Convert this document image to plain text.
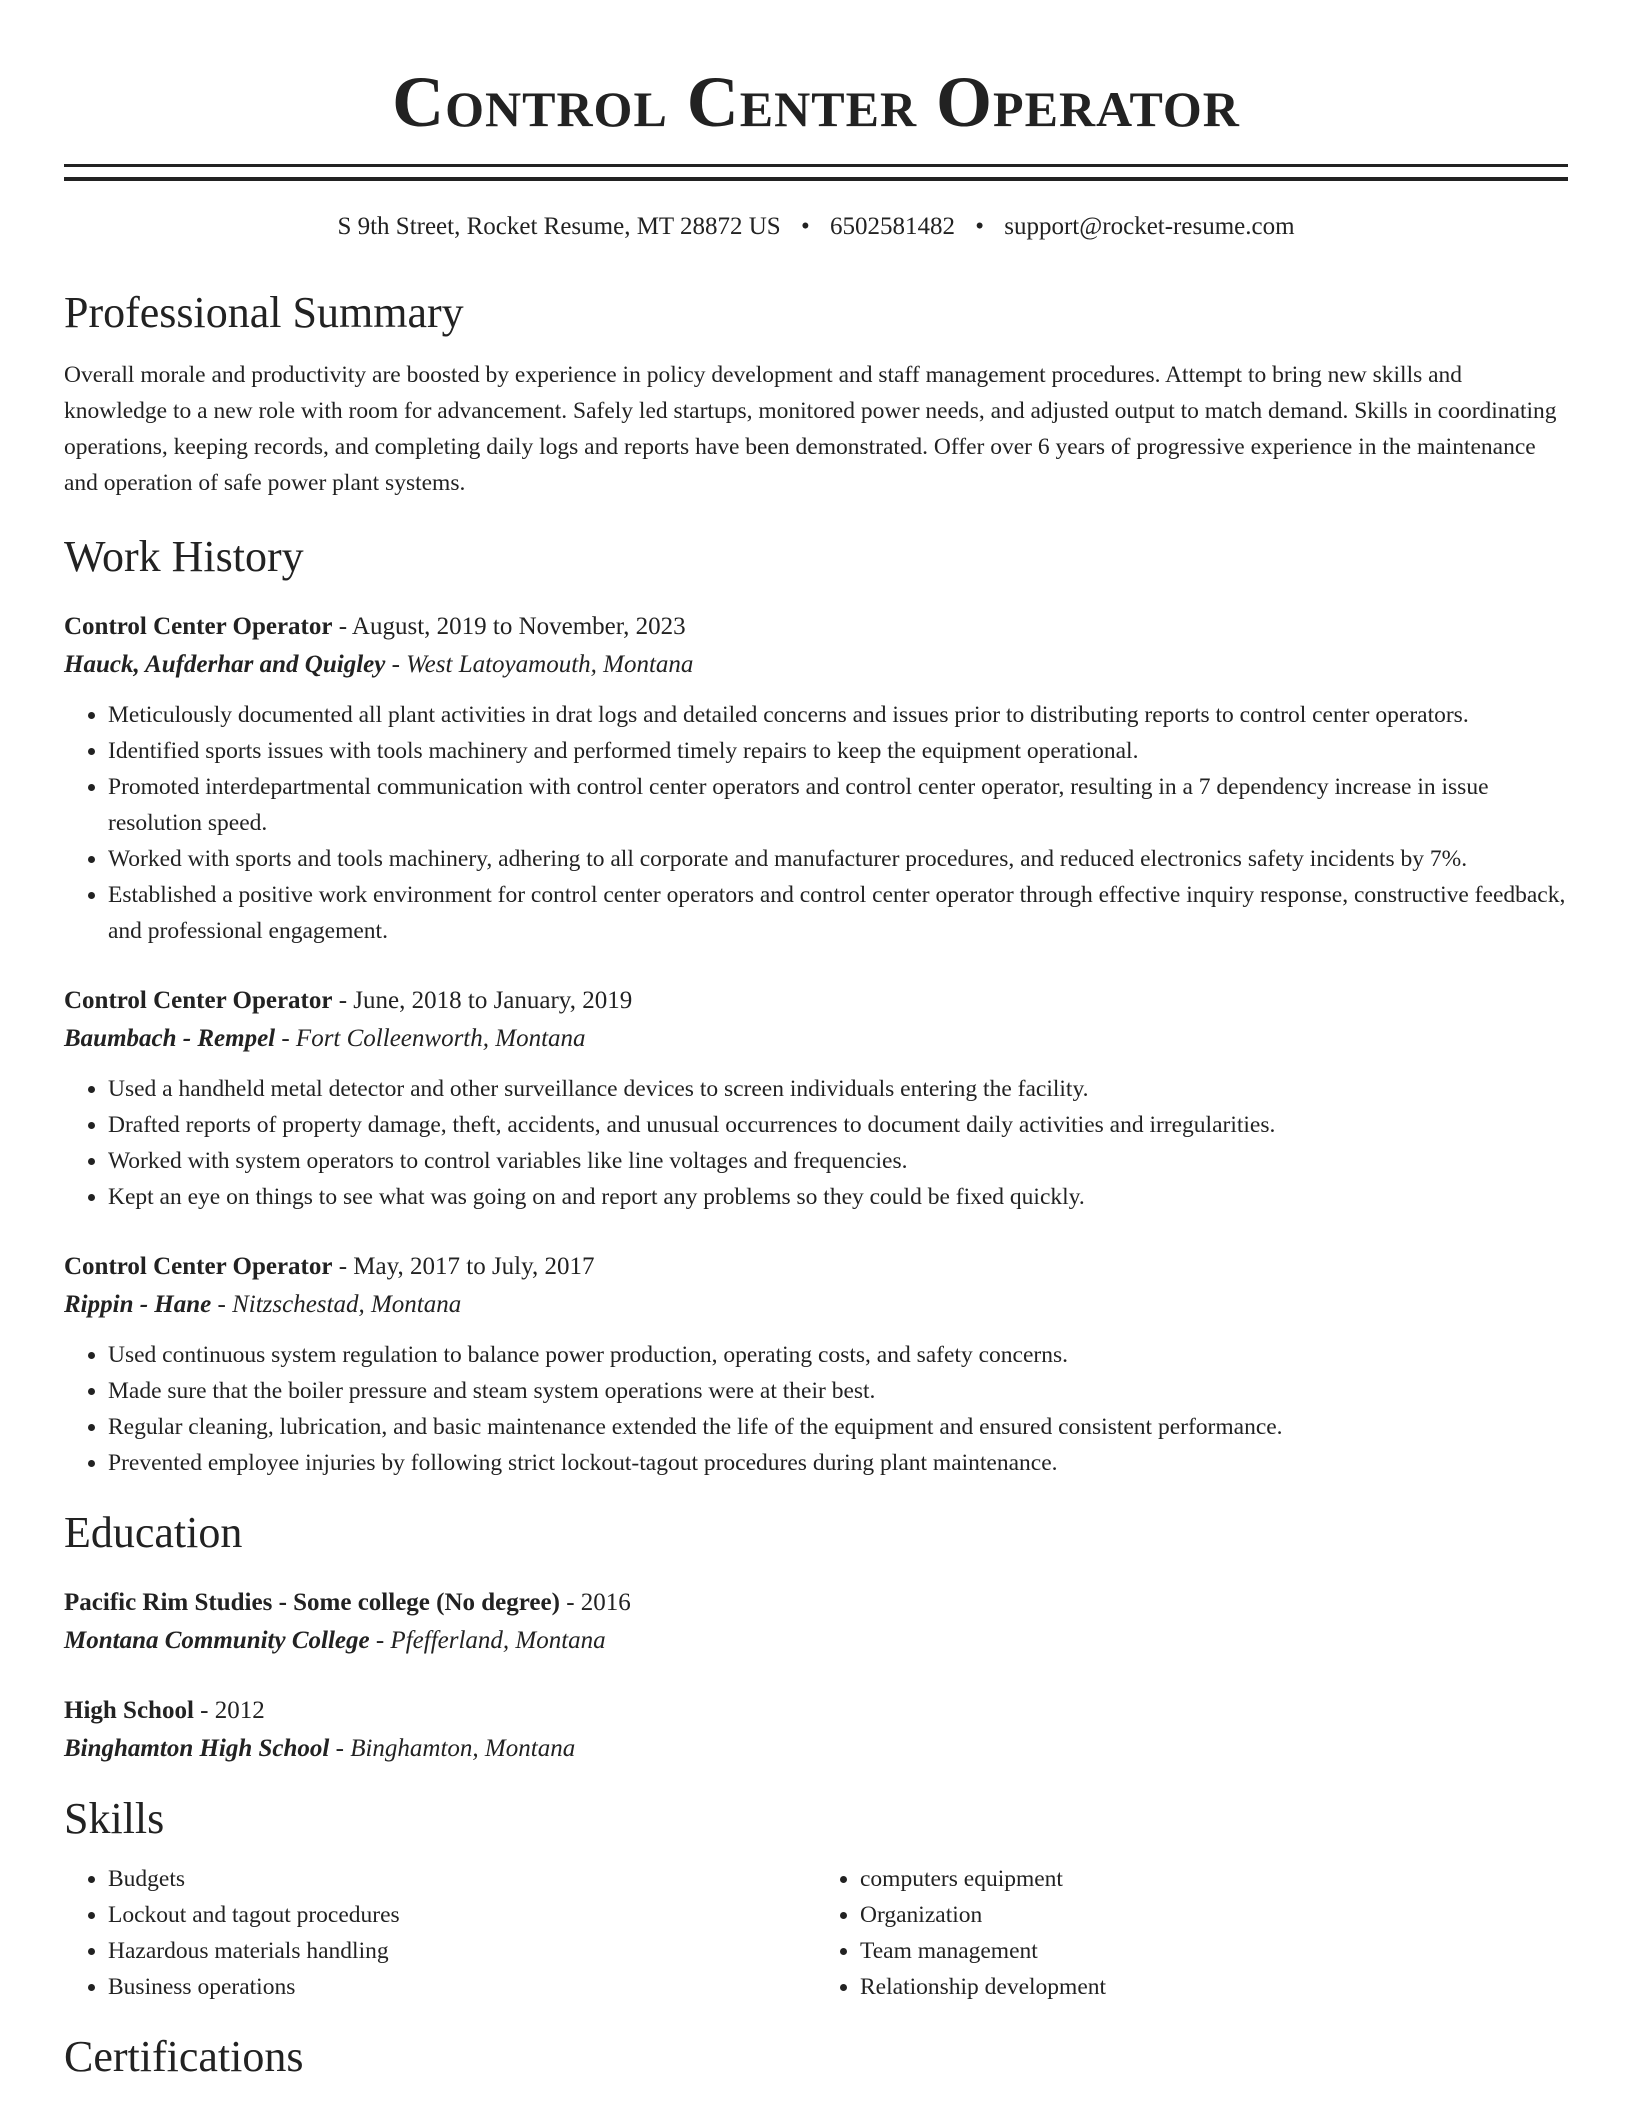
Control Center Operator
S 9th Street, Rocket Resume, MT 28872 US • 6502581482 • support@rocket-resume.com
Professional Summary

Overall morale and productivity are boosted by experience in policy development and staff management procedures. Attempt to bring new skills and knowledge to a new role with room for advancement. Safely led startups, monitored power needs, and adjusted output to match demand. Skills in coordinating operations, keeping records, and completing daily logs and reports have been demonstrated. Offer over 6 years of progressive experience in the maintenance and operation of safe power plant systems.

Work History

Control Center Operator - August, 2019 to November, 2023

Hauck, Aufderhar and Quigley - West Latoyamouth, Montana

• Meticulously documented all plant activities in drat logs and detailed concerns and issues prior to distributing reports to control center operators.
• Identified sports issues with tools machinery and performed timely repairs to keep the equipment operational.
• Promoted interdepartmental communication with control center operators and control center operator, resulting in a 7 dependency increase in issue resolution speed.
• Worked with sports and tools machinery, adhering to all corporate and manufacturer procedures, and reduced electronics safety incidents by 7%.
• Established a positive work environment for control center operators and control center operator through effective inquiry response, constructive feedback, and professional engagement.

Control Center Operator - June, 2018 to January, 2019

Baumbach - Rempel - Fort Colleenworth, Montana

• Used a handheld metal detector and other surveillance devices to screen individuals entering the facility.
• Drafted reports of property damage, theft, accidents, and unusual occurrences to document daily activities and irregularities.
• Worked with system operators to control variables like line voltages and frequencies.
• Kept an eye on things to see what was going on and report any problems so they could be fixed quickly.

Control Center Operator - May, 2017 to July, 2017

Rippin - Hane - Nitzschestad, Montana

• Used continuous system regulation to balance power production, operating costs, and safety concerns.
• Made sure that the boiler pressure and steam system operations were at their best.
• Regular cleaning, lubrication, and basic maintenance extended the life of the equipment and ensured consistent performance.
• Prevented employee injuries by following strict lockout-tagout procedures during plant maintenance.
Education

Pacific Rim Studies - Some college (No degree) - 2016

Montana Community College - Pfefferland, Montana

High School - 2012

Binghamton High School - Binghamton, Montana

Skills
• Budgets
• Lockout and tagout procedures
• Hazardous materials handling
• Business operations
• computers equipment
• Organization
• Team management
• Relationship development
Certifications
